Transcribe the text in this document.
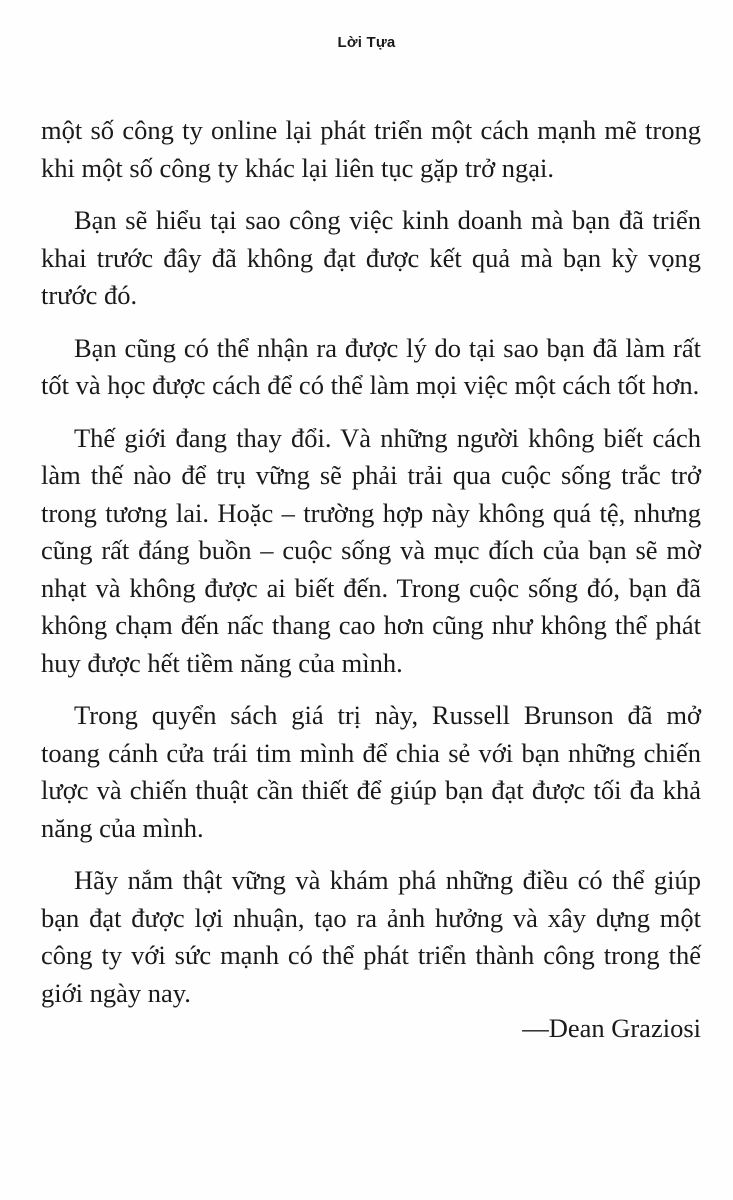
Lời Tựa

một số công ty online lại phát triển một cách mạnh mẽ trong khi một số công ty khác lại liên tục gặp trở ngại.

Bạn sẽ hiểu tại sao công việc kinh doanh mà bạn đã triển khai trước đây đã không đạt được kết quả mà bạn kỳ vọng trước đó.

Bạn cũng có thể nhận ra được lý do tại sao bạn đã làm rất tốt và học được cách để có thể làm mọi việc một cách tốt hơn.

Thế giới đang thay đổi. Và những người không biết cách làm thế nào để trụ vững sẽ phải trải qua cuộc sống trắc trở trong tương lai. Hoặc – trường hợp này không quá tệ, nhưng cũng rất đáng buồn – cuộc sống và mục đích của bạn sẽ mờ nhạt và không được ai biết đến. Trong cuộc sống đó, bạn đã không chạm đến nấc thang cao hơn cũng như không thể phát huy được hết tiềm năng của mình.

Trong quyển sách giá trị này, Russell Brunson đã mở toang cánh cửa trái tim mình để chia sẻ với bạn những chiến lược và chiến thuật cần thiết để giúp bạn đạt được tối đa khả năng của mình.

Hãy nắm thật vững và khám phá những điều có thể giúp bạn đạt được lợi nhuận, tạo ra ảnh hưởng và xây dựng một công ty với sức mạnh có thể phát triển thành công trong thế giới ngày nay.

—Dean Graziosi
